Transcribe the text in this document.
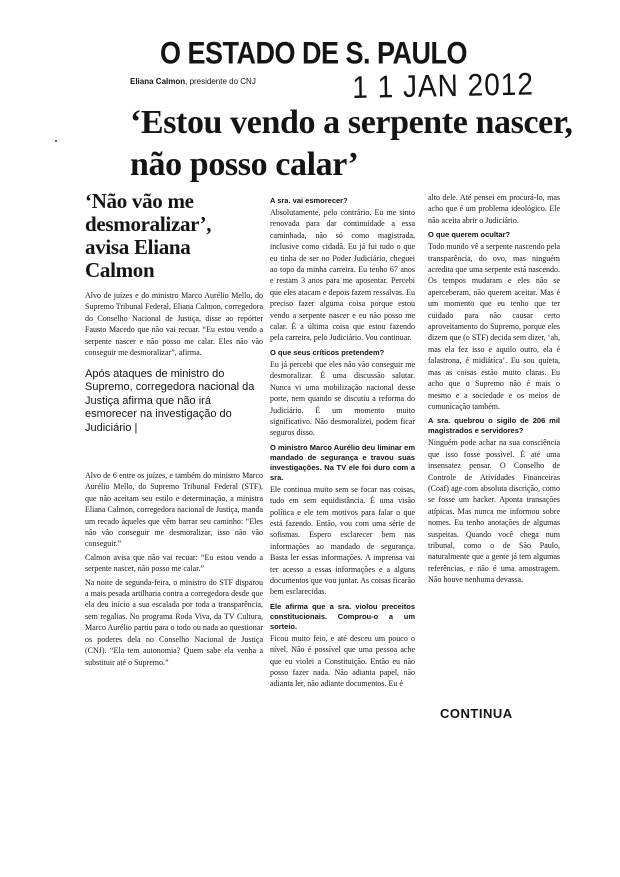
O ESTADO DE S. PAULO
1 1 JAN 2012
Eliana Calmon, presidente do CNJ
‘Estou vendo a serpente nascer, não posso calar’
‘Não vão me desmoralizar’, avisa Eliana Calmon

Alvo de juízes e do ministro Marco Aurélio Mello, do Supremo Tribunal Federal, Eliana Calmon, corregedora do Conselho Nacional de Justiça, disse ao repórter Fausto Macedo que não vai recuar. “Eu estou vendo a serpente nascer e não posso me calar. Eles não vão conseguir me desmoralizar”, afirma.

Após ataques de ministro do Supremo, corregedora nacional da Justiça afirma que não irá esmorecer na investigação do Judiciário |

Alvo de 6 entre os juízes, e também do ministro Marco Aurélio Mello, do Supremo Tribunal Federal (STF), que não aceitam seu estilo e determinação, a ministra Eliana Calmon, corregedora nacional de Justiça, manda um recado àqueles que vêm barrar seu caminho: “Eles não vão conseguir me desmoralizar, isso não vão conseguir.”

Calmon avisa que não vai recuar: “Eu estou vendo a serpente nascer, não posso me calar.”

Na noite de segunda-feira, o ministro do STF disparou a mais pesada artilharia contra a corregedora desde que ela deu início a sua escalada por toda a transparência, sem regalias. No programa Roda Viva, da TV Cultura, Marco Aurélio partiu para o todo ou nada ao questionar os poderes dela no Conselho Nacional de Justiça (CNJ). “Ela tem autonomia? Quem sabe ela venha a substituir até o Supremo.”

A sra. vai esmorecer?

Absolutamente, pelo contrário. Eu me sinto renovada para dar continuidade a essa caminhada, não só como magistrada, inclusive como cidadã. Eu já fui tudo o que eu tinha de ser no Poder Judiciário, cheguei ao topo da minha carreira. Eu tenho 67 anos e restam 3 anos para me aposentar. Percebi que eles atacam e depois fazem ressalvas. Eu preciso fazer alguma coisa porque estou vendo a serpente nascer e eu não posso me calar. É a última coisa que estou fazendo pela carreira, pelo Judiciário. Vou continuar.

O que seus críticos pretendem?

Eu já percebi que eles não vão conseguir me desmoralizar. É uma discussão salutar. Nunca vi uma mobilização nacional desse porte, nem quando se discutiu a reforma do Judiciário. É um momento muito significativo. Não desmoralizei, podem ficar seguros disso.

O ministro Marco Aurélio deu liminar em mandado de segurança e travou suas investigações. Na TV ele foi duro com a sra.

Ele continua muito sem se focar nas coisas, tudo em sem equidistância. É uma visão política e ele tem motivos para falar o que está fazendo. Então, vou com uma série de sofismas. Espero esclarecer bem nas informações ao mandado de segurança. Basta ler essas informações. A imprensa vai ter acesso a essas informações e a alguns documentos que vou juntar. As coisas ficarão bem esclarecidas.

Ele afirma que a sra. violou preceitos constitucionais. Comprou-o a um sorteio.

Ficou muito feio, e até desceu um pouco o nível. Não é possível que uma pessoa ache que eu violei a Constituição. Então eu não posso fazer nada. Não adianta papel, não adianta ler, não adiante documentos. Eu é

alto dele. Até pensei em procurá-lo, mas acho que é um problema ideológico. Ele não aceita abrir o Judiciário.

O que querem ocultar?

Todo mundo vê a serpente nascendo pela transparência, do ovo, mas ninguém acredita que uma serpente está nascendo. Os tempos mudaram e eles não se aperceberam, não querem aceitar. Mas é um momento que eu tenho que ter cuidado para não causar certo aproveitamento do Supremo, porque eles dizem que (o STF) decida sem dizer, ‘ah, mas ela fez isso e aquilo outro, ela é falastrona, é midiática’. Eu sou quieta, mas as coisas estão muito claras. Eu acho que o Supremo não é mais o mesmo e a sociedade e os meios de comunicação também.

A sra. quebrou o sigilo de 206 mil magistrados e servidores?

Ninguém pode achar na sua consciência que isso fosse possível. É até uma insensatez pensar. O Conselho de Controle de Atividades Financeiras (Coaf) age com absoluta discrição, como se fosse um hacker. Aponta transações atípicas. Mas nunca me informou sobre nomes. Eu tenho anotações de algumas suspeitas. Quando você chega num tribunal, como o de São Paulo, naturalmente que a gente já tem algumas referências, e não é uma amostragem. Não houve nenhuma devassa.

CONTINUA
